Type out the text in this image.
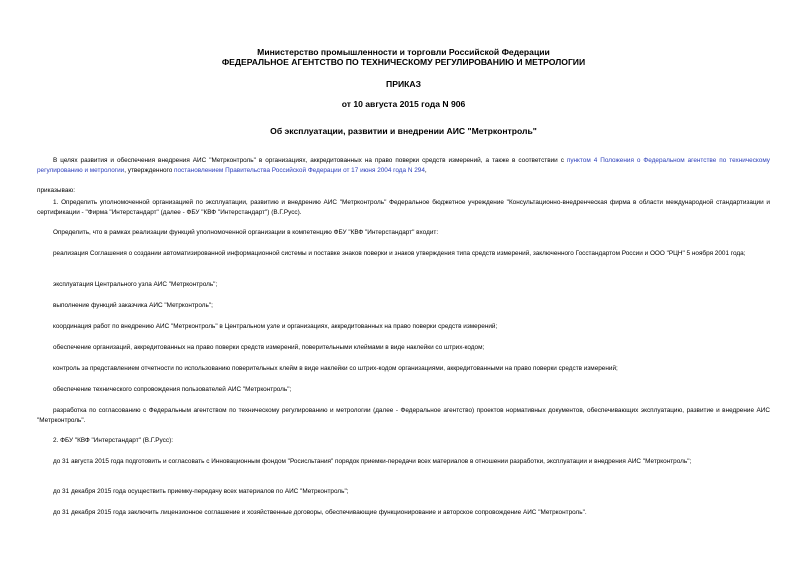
Министерство промышленности и торговли Российской Федерации

ФЕДЕРАЛЬНОЕ АГЕНТСТВО ПО ТЕХНИЧЕСКОМУ РЕГУЛИРОВАНИЮ И МЕТРОЛОГИИ

ПРИКАЗ

от 10 августа 2015 года N 906

Об эксплуатации, развитии и внедрении АИС "Метрконтроль"

В целях развития и обеспечения внедрения АИС "Метрконтроль" в организациях, аккредитованных на право поверки средств измерений, а также в соответствии с пунктом 4 Положения о Федеральном агентстве по техническому регулированию и метрологии, утвержденного постановлением Правительства Российской Федерации от 17 июня 2004 года N 294,

приказываю:

1. Определить уполномоченной организацией по эксплуатации, развитию и внедрению АИС "Метрконтроль" Федеральное бюджетное учреждение "Консультационно-внедренческая фирма в области международной стандартизации и сертификации - "Фирма "Интерстандарт" (далее - ФБУ "КВФ "Интерстандарт") (В.Г.Русс).

Определить, что в рамках реализации функций уполномоченной организации в компетенцию ФБУ "КВФ "Интерстандарт" входит:

реализация Соглашения о создании автоматизированной информационной системы и поставке знаков поверки и знаков утверждения типа средств измерений, заключенного Госстандартом России и ООО "РЦН" 5 ноября 2001 года;

эксплуатация Центрального узла АИС "Метрконтроль";

выполнение функций заказчика АИС "Метрконтроль";

координация работ по внедрению АИС "Метрконтроль" в Центральном узле и организациях, аккредитованных на право поверки средств измерений;

обеспечение организаций, аккредитованных на право поверки средств измерений, поверительными клеймами в виде наклейки со штрих-кодом;

контроль за представлением отчетности по использованию поверительных клейм в виде наклейки со штрих-кодом организациями, аккредитованными на право поверки средств измерений;

обеспечение технического сопровождения пользователей АИС "Метрконтроль";

разработка по согласованию с Федеральным агентством по техническому регулированию и метрологии (далее - Федеральное агентство) проектов нормативных документов, обеспечивающих эксплуатацию, развитие и внедрение АИС "Метрконтроль".

2. ФБУ "КВФ "Интерстандарт" (В.Г.Русс):

до 31 августа 2015 года подготовить и согласовать с Инновационным фондом "Росисльтания" порядок приемки-передачи всех материалов в отношении разработки, эксплуатации и внедрения АИС "Метрконтроль";

до 31 декабря 2015 года осуществить приемку-передачу всех материалов по АИС "Метрконтроль";

до 31 декабря 2015 года заключить лицензионное соглашение и хозяйственные договоры, обеспечивающие функционирование и авторское сопровождение АИС "Метрконтроль".
